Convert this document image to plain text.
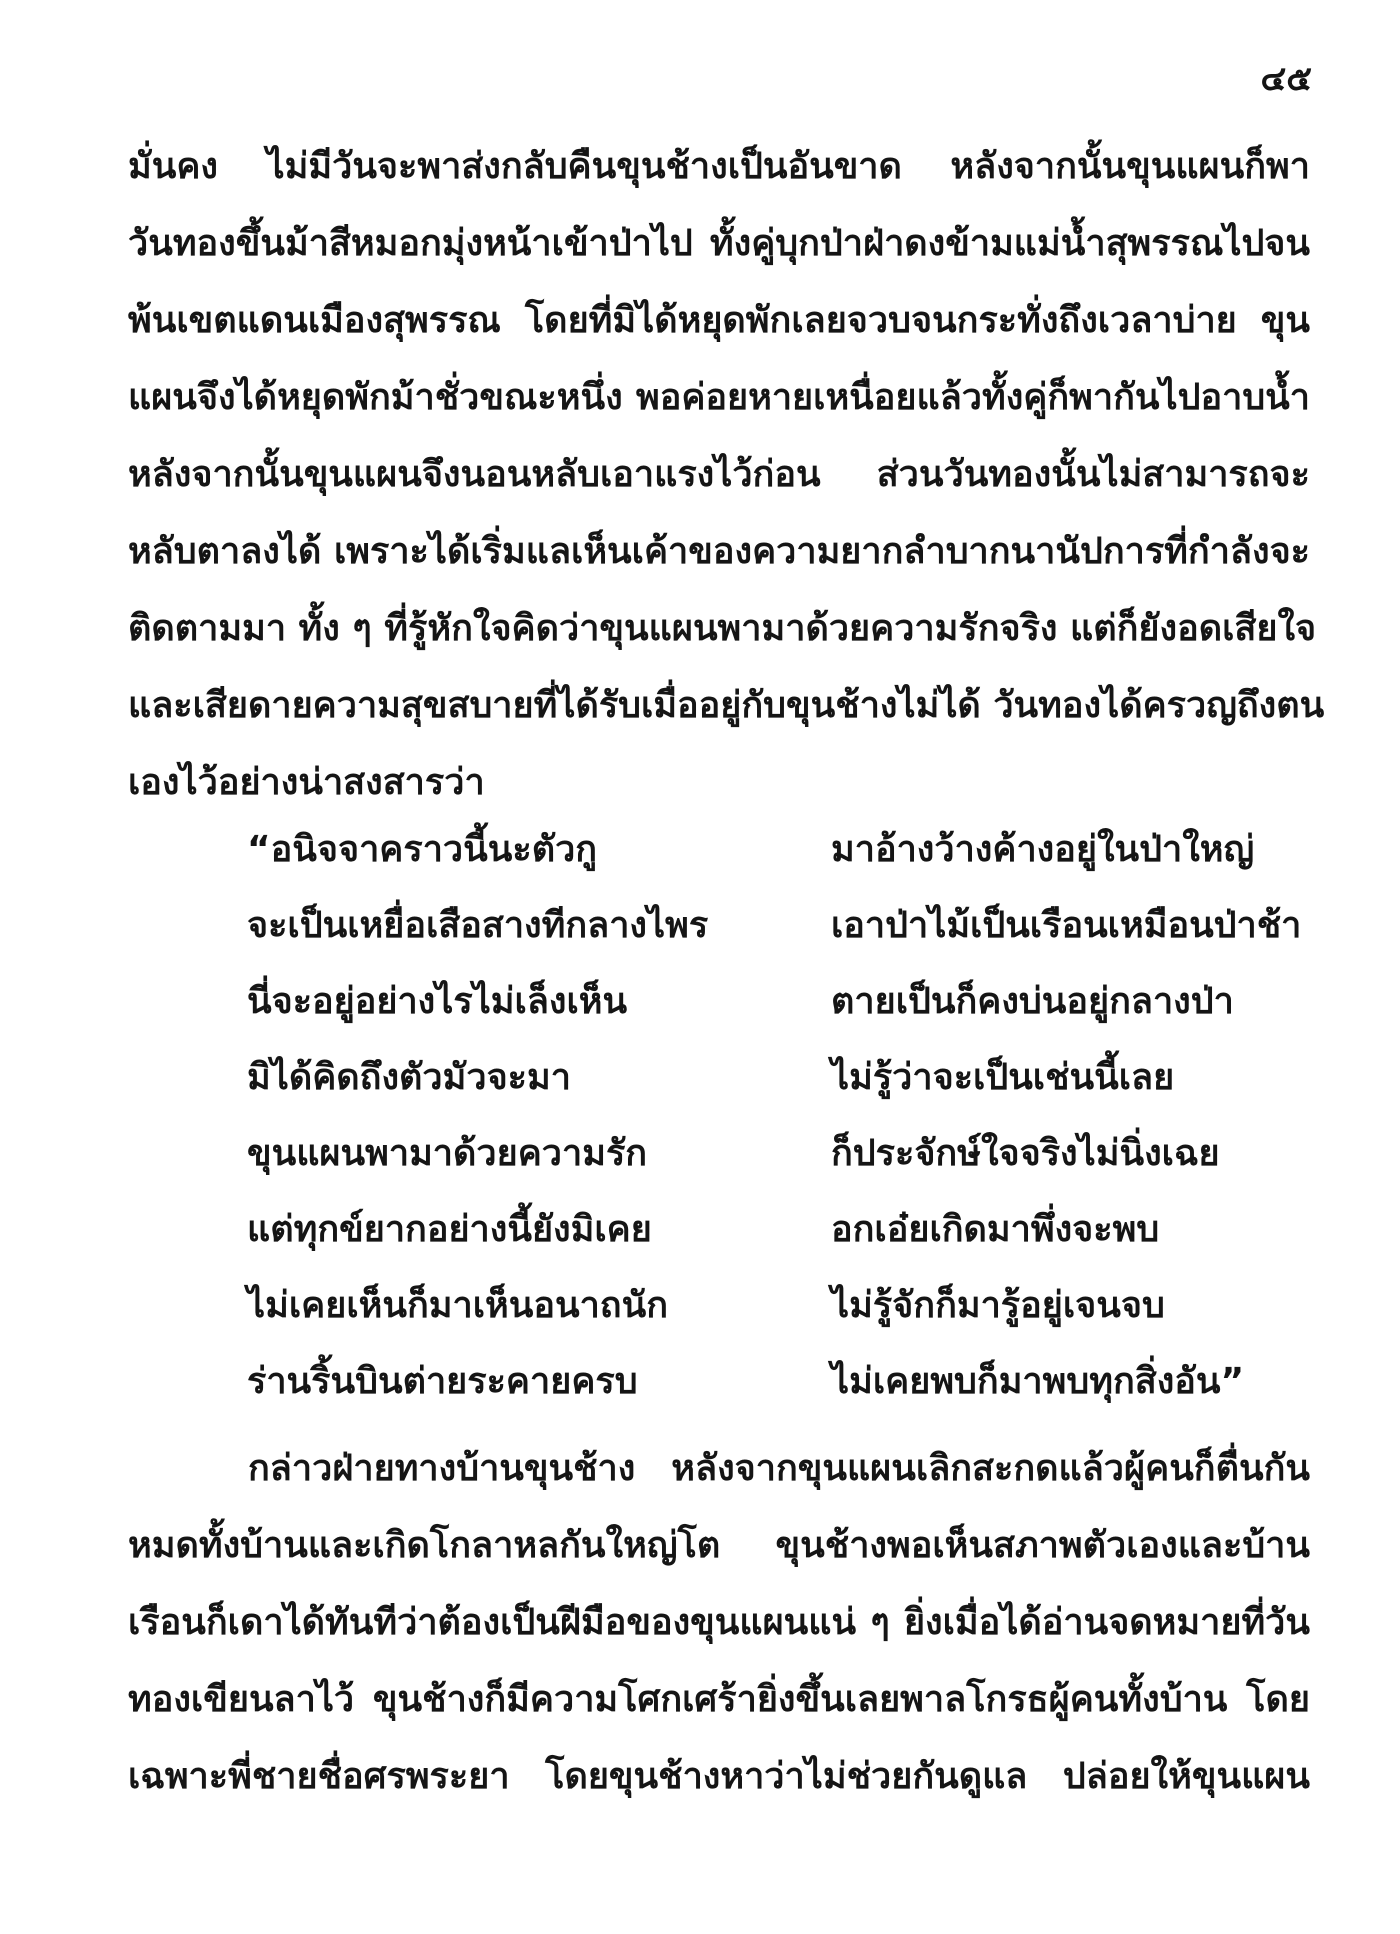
๔๕
มั่นคง ไม่มีวันจะพาส่งกลับคืนขุนช้างเป็นอันขาด หลังจากนั้นขุนแผนก็พา
วันทองขึ้นม้าสีหมอกมุ่งหน้าเข้าป่าไป ทั้งคู่บุกป่าฝ่าดงข้ามแม่น้ำสุพรรณไปจน
พ้นเขตแดนเมืองสุพรรณ โดยที่มิได้หยุดพักเลยจวบจนกระทั่งถึงเวลาบ่าย ขุน
แผนจึงได้หยุดพักม้าชั่วขณะหนึ่ง พอค่อยหายเหนื่อยแล้วทั้งคู่ก็พากันไปอาบน้ำ
หลังจากนั้นขุนแผนจึงนอนหลับเอาแรงไว้ก่อน ส่วนวันทองนั้นไม่สามารถจะ
หลับตาลงได้ เพราะได้เริ่มแลเห็นเค้าของความยากลำบากนานัปการที่กำลังจะ
ติดตามมา ทั้ง ๆ ที่รู้หักใจคิดว่าขุนแผนพามาด้วยความรักจริง แต่ก็ยังอดเสียใจ
และเสียดายความสุขสบายที่ได้รับเมื่ออยู่กับขุนช้างไม่ได้ วันทองได้ครวญถึงตน
เองไว้อย่างน่าสงสารว่า
“อนิจจาคราวนี้นะตัวกู	มาอ้างว้างค้างอยู่ในป่าใหญ่
จะเป็นเหยื่อเสือสางทีกลางไพร	เอาป่าไม้เป็นเรือนเหมือนป่าช้า
นี่จะอยู่อย่างไรไม่เล็งเห็น	ตายเป็นก็คงบ่นอยู่กลางป่า
มิได้คิดถึงตัวมัวจะมา	ไม่รู้ว่าจะเป็นเช่นนี้เลย
ขุนแผนพามาด้วยความรัก	ก็ประจักษ์ใจจริงไม่นิ่งเฉย
แต่ทุกข์ยากอย่างนี้ยังมิเคย	อกเอ๋ยเกิดมาพึ่งจะพบ
ไม่เคยเห็นก็มาเห็นอนาถนัก	ไม่รู้จักก็มารู้อยู่เจนจบ
ร่านริ้นบินต่ายระคายครบ	ไม่เคยพบก็มาพบทุกสิ่งอัน”
กล่าวฝ่ายทางบ้านขุนช้าง หลังจากขุนแผนเลิกสะกดแล้วผู้คนก็ตื่นกัน
หมดทั้งบ้านและเกิดโกลาหลกันใหญ่โต ขุนช้างพอเห็นสภาพตัวเองและบ้าน
เรือนก็เดาได้ทันทีว่าต้องเป็นฝีมือของขุนแผนแน่ ๆ ยิ่งเมื่อได้อ่านจดหมายที่วัน
ทองเขียนลาไว้ ขุนช้างก็มีความโศกเศร้ายิ่งขึ้นเลยพาลโกรธผู้คนทั้งบ้าน โดย
เฉพาะพี่ชายชื่อศรพระยา โดยขุนช้างหาว่าไม่ช่วยกันดูแล ปล่อยให้ขุนแผน
